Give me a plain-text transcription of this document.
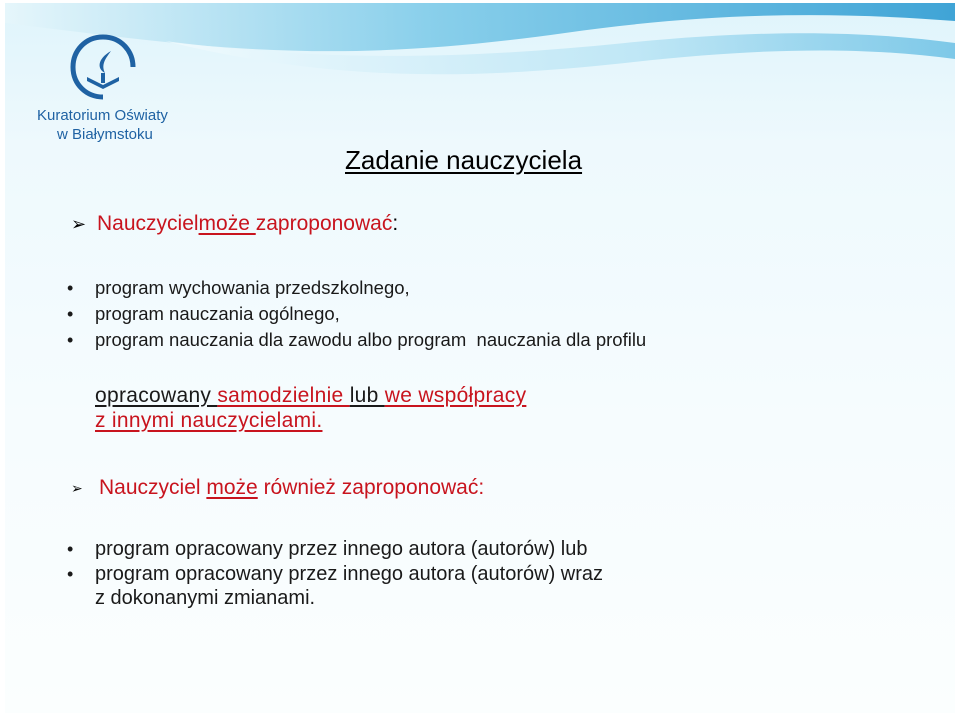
Kuratorium Oświaty
w Białymstoku
Zadanie nauczyciela
➢ Nauczyciel może zaproponować :
•	program wychowania przedszkolnego,
•	program nauczania ogólnego,
•	program nauczania dla zawodu albo program  nauczania dla profilu
opracowany samodzielnie lub we współpracy
z innymi nauczycielami.
➢ Nauczyciel może również zaproponować:
•	program opracowany przez innego autora (autorów) lub
•	program opracowany przez innego autora (autorów) wraz
z dokonanymi zmianami.
